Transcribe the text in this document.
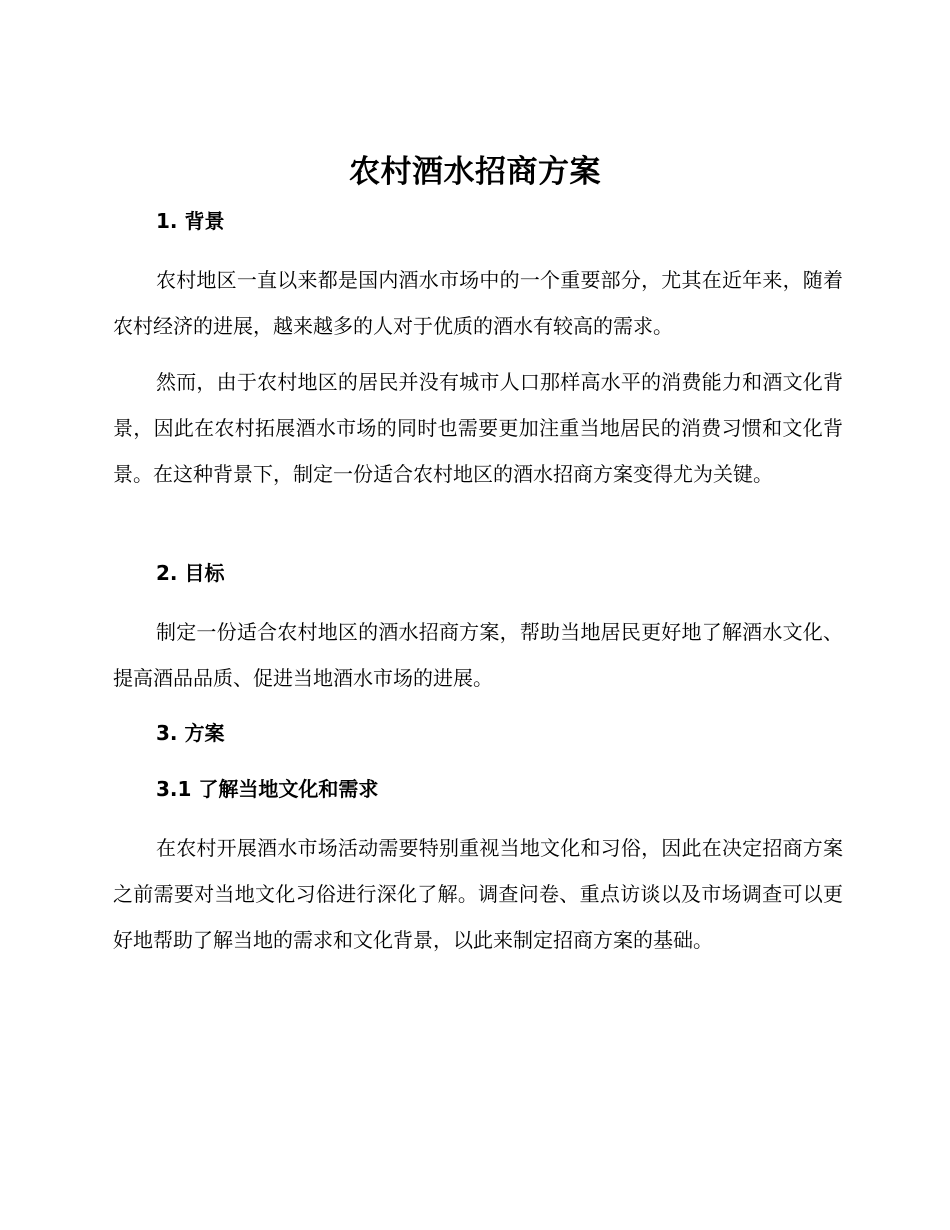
农村酒水招商方案
1. 背景
农村地区一直以来都是国内酒水市场中的一个重要部分，尤其在近年来，随着农村经济的进展，越来越多的人对于优质的酒水有较高的需求。
然而，由于农村地区的居民并没有城市人口那样高水平的消费能力和酒文化背景，因此在农村拓展酒水市场的同时也需要更加注重当地居民的消费习惯和文化背景。在这种背景下，制定一份适合农村地区的酒水招商方案变得尤为关键。
2. 目标
制定一份适合农村地区的酒水招商方案，帮助当地居民更好地了解酒水文化、提高酒品品质、促进当地酒水市场的进展。
3. 方案
3.1 了解当地文化和需求
在农村开展酒水市场活动需要特别重视当地文化和习俗，因此在决定招商方案之前需要对当地文化习俗进行深化了解。调查问卷、重点访谈以及市场调查可以更好地帮助了解当地的需求和文化背景，以此来制定招商方案的基础。
